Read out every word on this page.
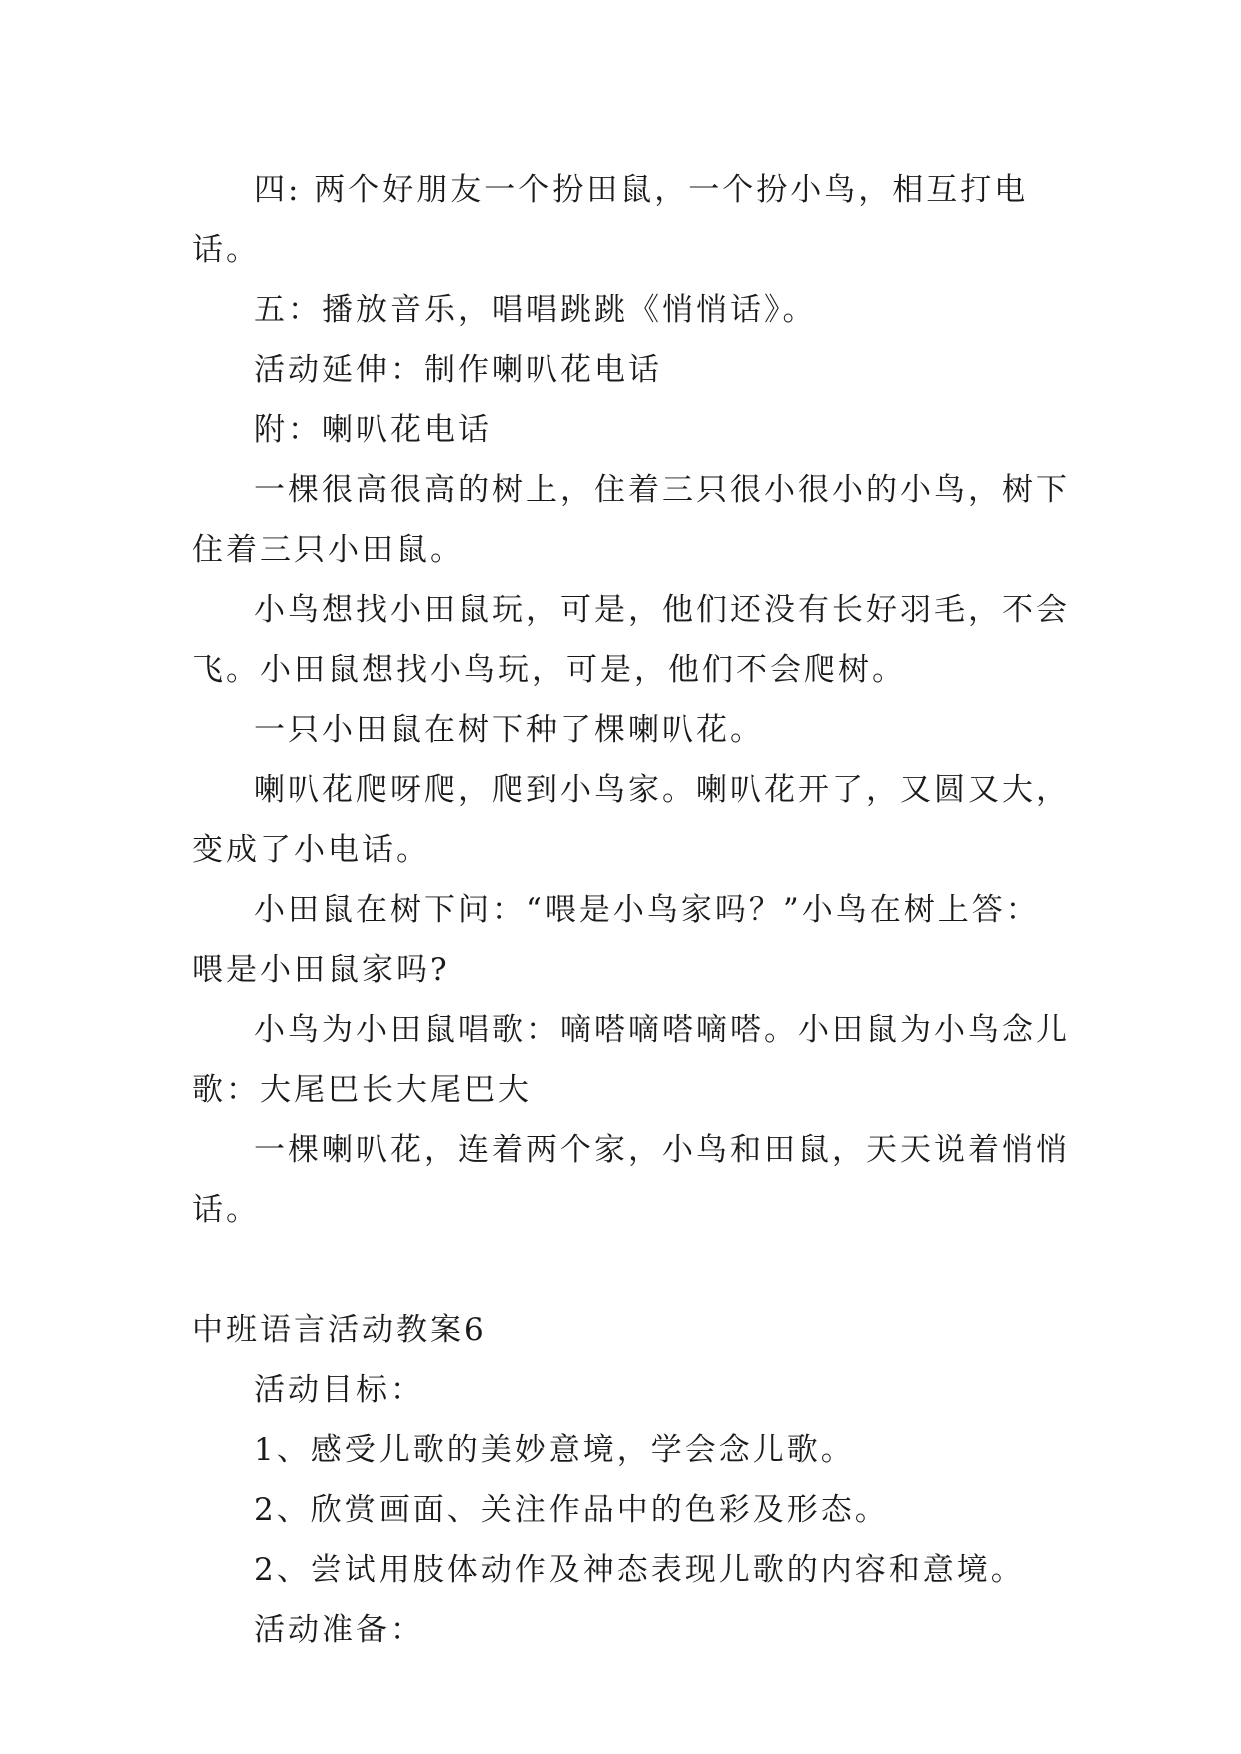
四: 两个好朋友一个扮田鼠，一个扮小鸟，相互打电话。

五：播放音乐，唱唱跳跳《悄悄话》。

活动延伸：制作喇叭花电话

附：喇叭花电话

一棵很高很高的树上，住着三只很小很小的小鸟，树下住着三只小田鼠。

小鸟想找小田鼠玩，可是，他们还没有长好羽毛，不会飞。小田鼠想找小鸟玩，可是，他们不会爬树。

一只小田鼠在树下种了棵喇叭花。

喇叭花爬呀爬，爬到小鸟家。喇叭花开了，又圆又大，变成了小电话。

小田鼠在树下问：“喂是小鸟家吗？”小鸟在树上答：喂是小田鼠家吗?

小鸟为小田鼠唱歌：嘀嗒嘀嗒嘀嗒。小田鼠为小鸟念儿歌：大尾巴长大尾巴大

一棵喇叭花，连着两个家，小鸟和田鼠，天天说着悄悄话。

中班语言活动教案6

活动目标：

1、感受儿歌的美妙意境，学会念儿歌。

2、欣赏画面、关注作品中的色彩及形态。

2、尝试用肢体动作及神态表现儿歌的内容和意境。

活动准备：
